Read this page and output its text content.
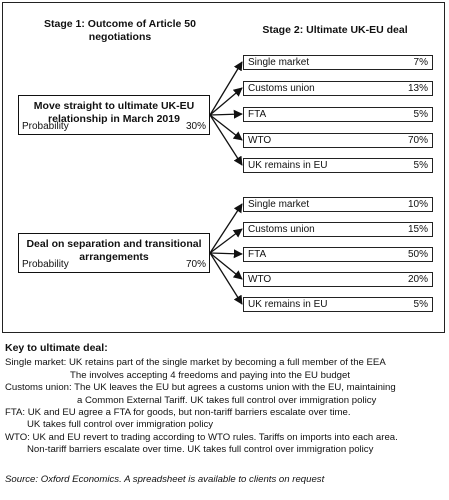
Stage 1: Outcome of Article 50
negotiations
Stage 2: Ultimate UK-EU deal
Move straight to ultimate UK-EU
relationship in March 2019
Probability	30%
Deal on separation and transitional
arrangements
Probability	70%
Single market	7%
Customs union	13%
FTA	5%
WTO	70%
UK remains in EU	5%
Single market	10%
Customs union	15%
FTA	50%
WTO	20%
UK remains in EU	5%
Key to ultimate deal:
Single market: UK retains part of the single market by becoming a full member of the EEA
The involves accepting 4 freedoms and paying into the EU budget
Customs union: The UK leaves the EU but agrees a customs union with the EU, maintaining
a Common External Tariff. UK takes full control over immigration policy
FTA: UK and EU agree a FTA for goods, but non-tariff barriers escalate over time.
UK takes full control over immigration policy
WTO: UK and EU revert to trading according to WTO rules. Tariffs on imports into each area.
Non-tariff barriers escalate over time. UK takes full control over immigration policy
Source: Oxford Economics. A spreadsheet is available to clients on request
